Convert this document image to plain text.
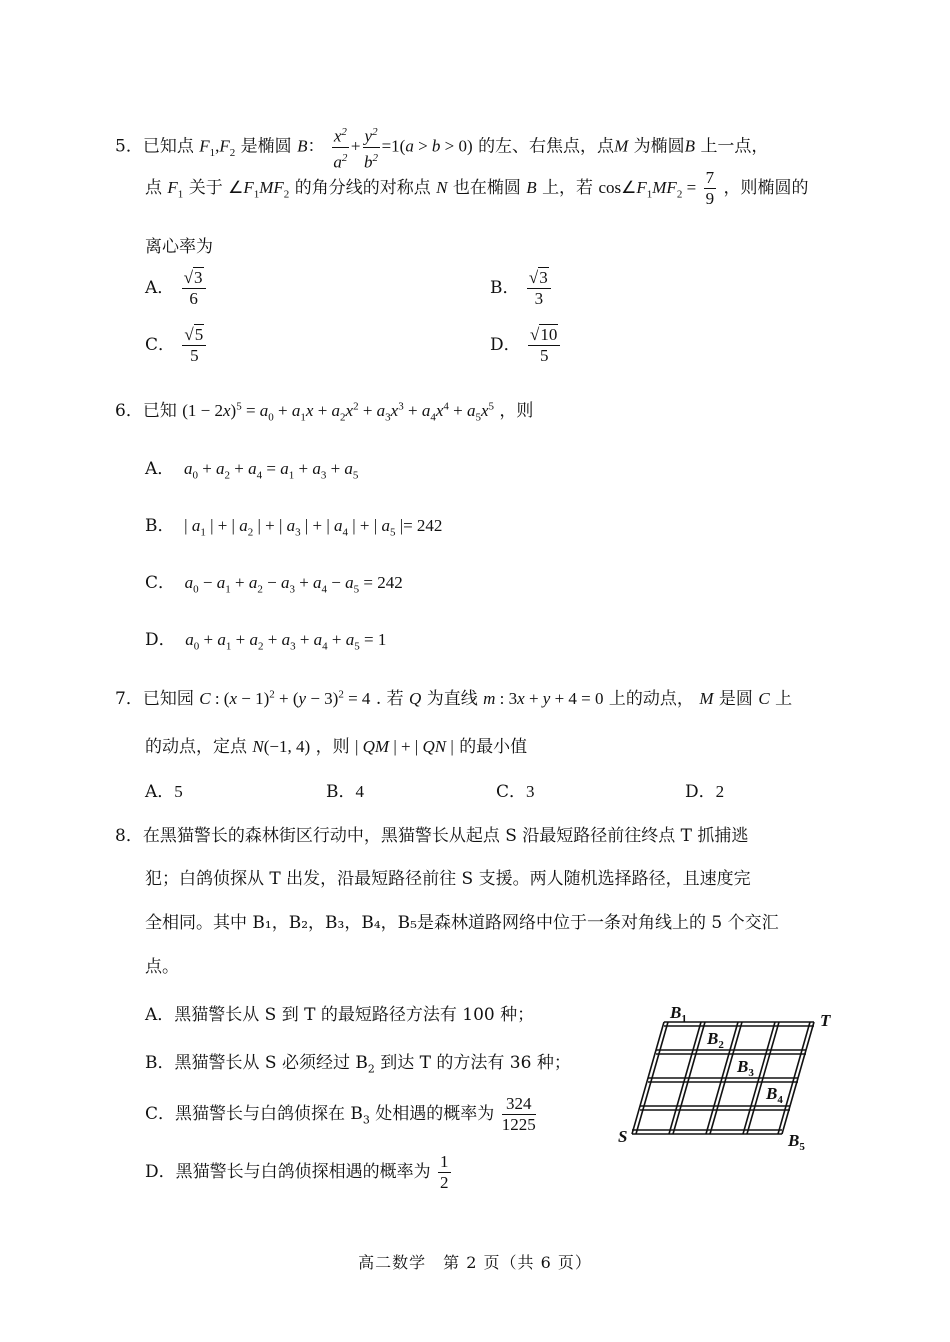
5．已知点 $F_1,F_2$ 是椭圆 B： $\frac{x^2}{a^2} + \frac{y^2}{b^2} =1(a > b > 0)$ 的左、右焦点，点M 为椭圆B 上一点，
点 $F_1$ 关于 $\angle F_1MF_2$ 的角分线的对称点 N 也在椭圆 B 上，若 $\cos\angle F_1MF_2 = \frac{7}{9}$ ，则椭圆的
离心率为
A． $\frac{√3}{6}$	B． $\frac{√3}{3}$
C． $\frac{√5}{5}$	D． $\frac{√10}{5}$
6．已知 $(1 - 2x)^5 = a_0 + a_1x + a_2x^2 + a_3x^3 + a_4x^4 + a_5x^5$ ，则
A． $a_0 + a_2 + a_4 = a_1 + a_3 + a_5$
B．  | $a_1$ | + | $a_2$ | + | $a_3$ | + | $a_4$ | + | $a_5$ |= 242
C． $a_0 - a_1 + a_2 - a_3 + a_4 - a_5 = 242$
D． $a_0 + a_1 + a_2 + a_3 + a_4 + a_5 = 1$
7．已知园 C : $(x - 1)^2 + (y - 3)^2 = 4$ . 若 Q 为直线 m : 3x + y + 4 = 0 上的动点， M 是圆 C 上
的动点，定点 N(−1, 4) ，则 | QM | + | QN | 的最小值
A．5	B．4	C．3	D．2
8．在黑猫警长的森林街区行动中，黑猫警长从起点 S 沿最短路径前往终点 T 抓捕逃
犯；白鸽侦探从 T 出发，沿最短路径前往 S 支援。两人随机选择路径，且速度完
全相同。其中 B₁，B₂，B₃，B₄，B₅是森林道路网络中位于一条对角线上的 5 个交汇
点。
A．黑猫警长从 S 到 T 的最短路径方法有 100 种；
B．黑猫警长从 S 必须经过 $B_2$ 到达 T 的方法有 36 种；
C．黑猫警长与白鸽侦探在 $B_3$ 处相遇的概率为 $\frac{324}{1225}$
D．黑猫警长与白鸽侦探相遇的概率为 $\frac{1}{2}$
S
T
$B_1$
$B_2$
$B_3$
$B_4$
$B_5$
高二数学　第 2 页（共 6 页）
